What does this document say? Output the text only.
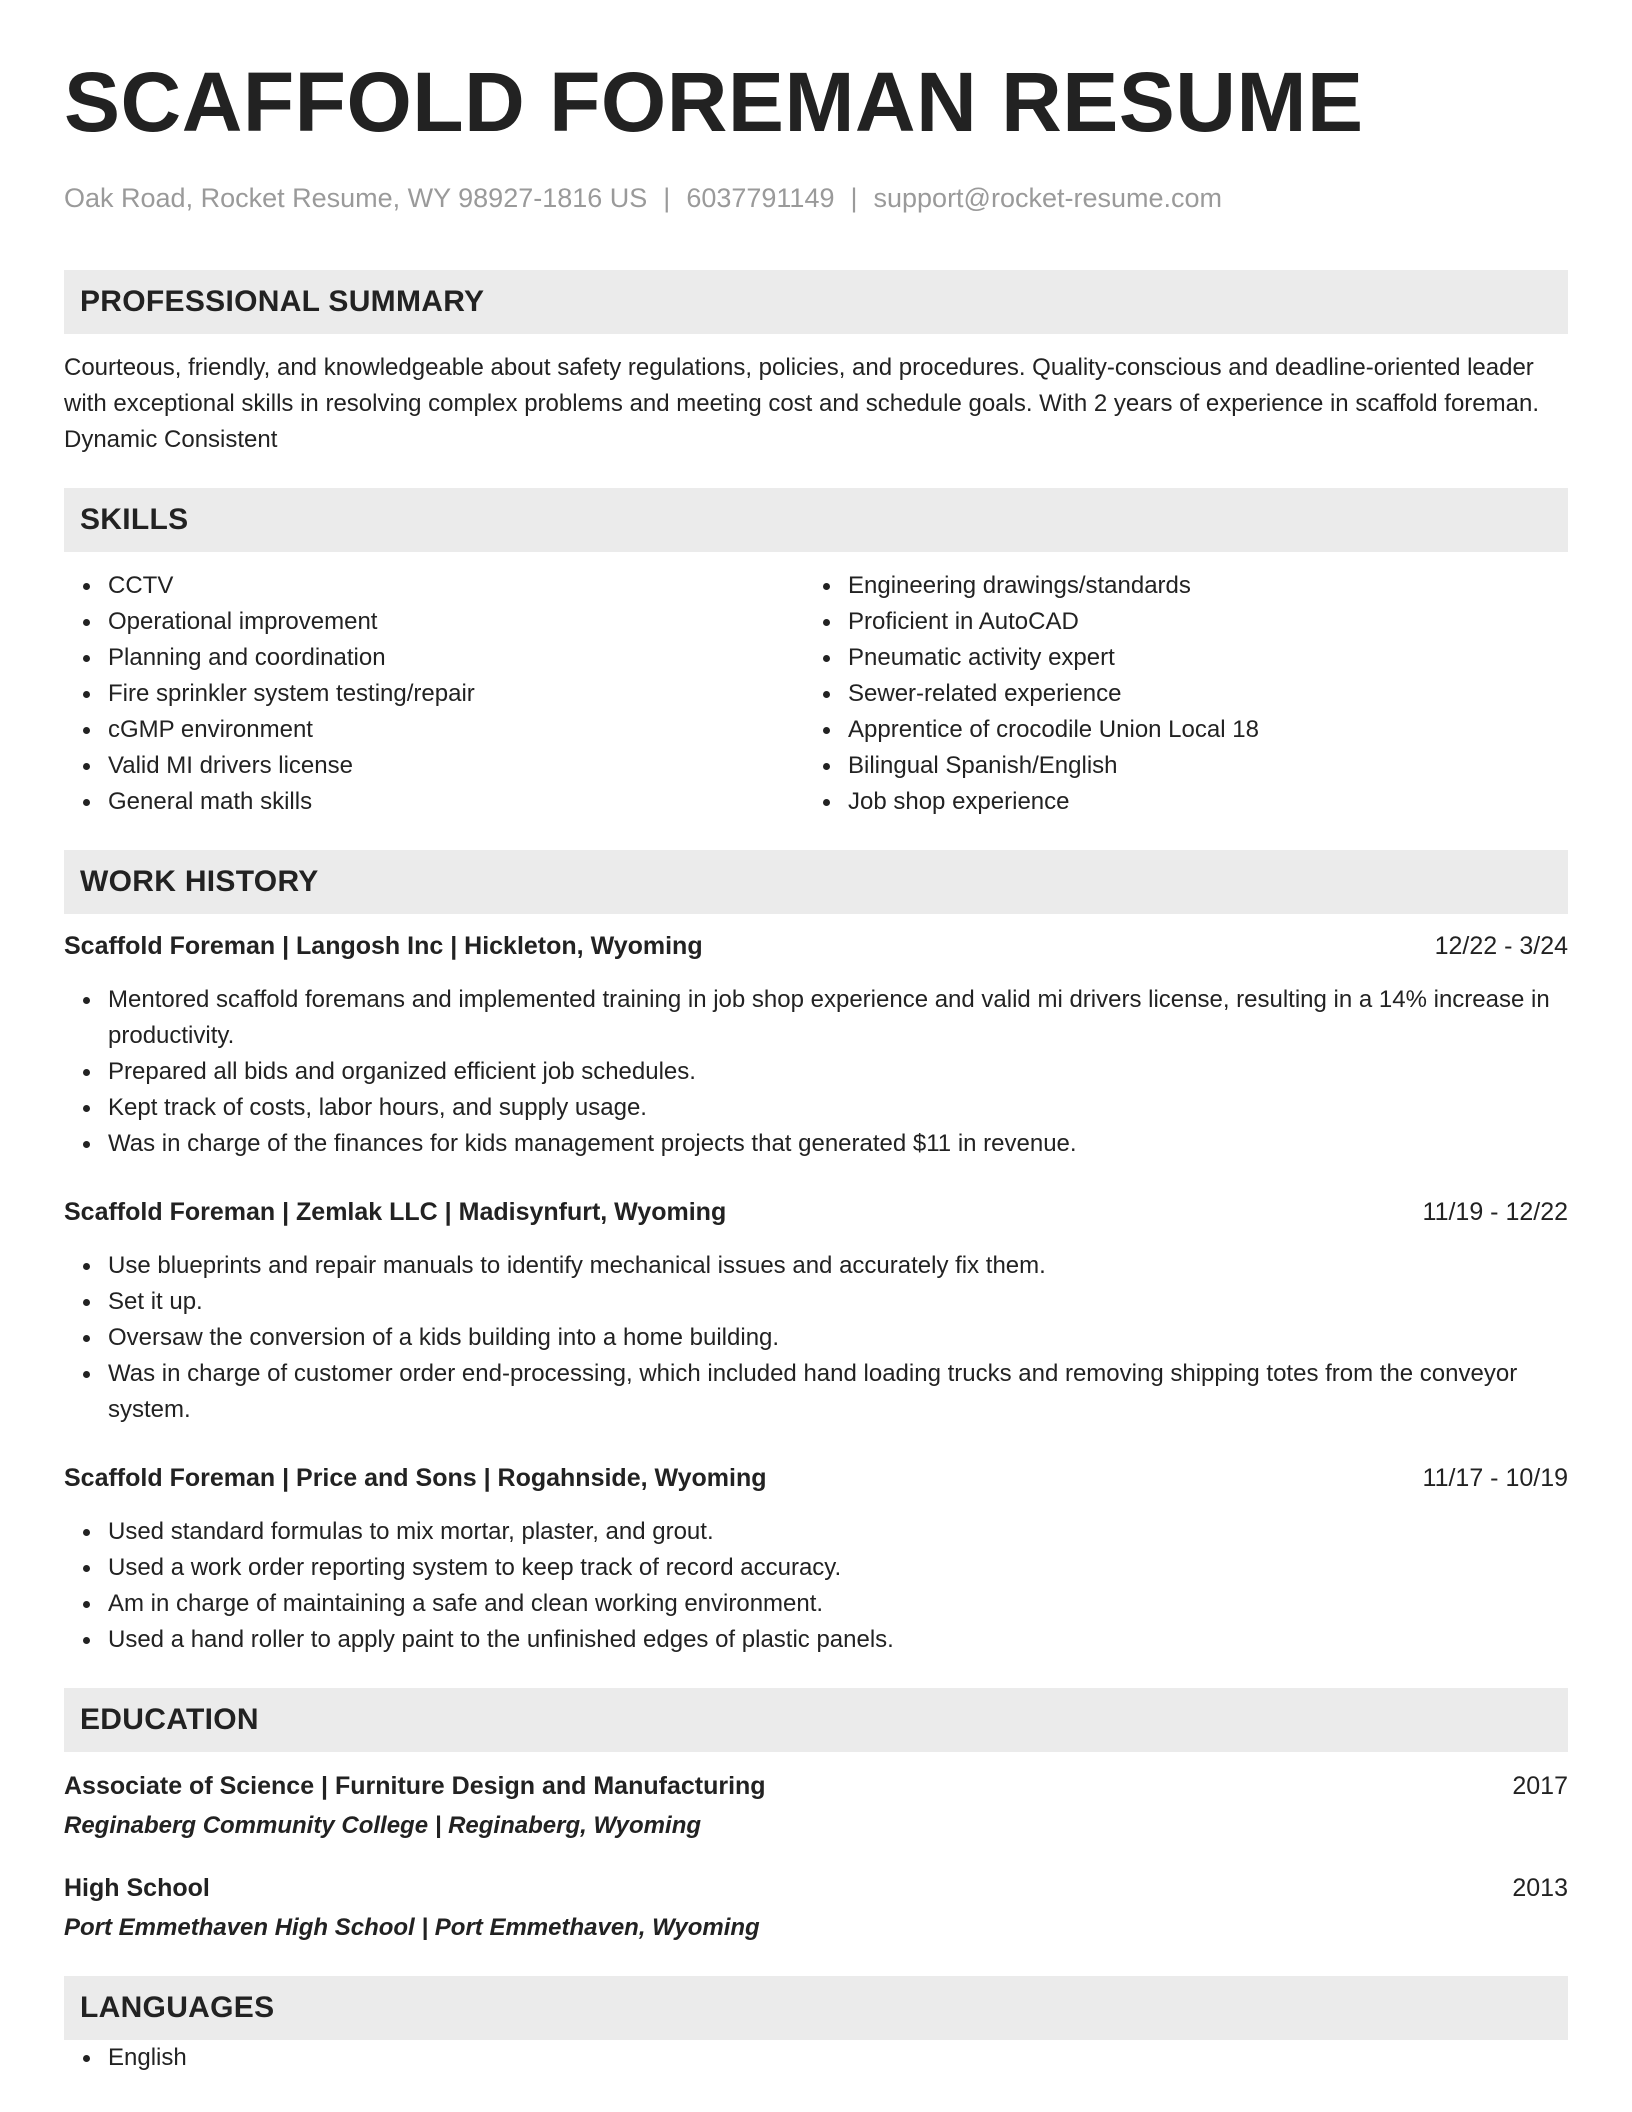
SCAFFOLD FOREMAN RESUME
Oak Road, Rocket Resume, WY 98927-1816 US | 6037791149 | support@rocket-resume.com
PROFESSIONAL SUMMARY

Courteous, friendly, and knowledgeable about safety regulations, policies, and procedures. Quality-conscious and deadline-oriented leader with exceptional skills in resolving complex problems and meeting cost and schedule goals. With 2 years of experience in scaffold foreman. Dynamic Consistent

SKILLS
CCTV
Operational improvement
Planning and coordination
Fire sprinkler system testing/repair
cGMP environment
Valid MI drivers license
General math skills
Engineering drawings/standards
Proficient in AutoCAD
Pneumatic activity expert
Sewer-related experience
Apprentice of crocodile Union Local 18
Bilingual Spanish/English
Job shop experience
WORK HISTORY
Scaffold Foreman | Langosh Inc | Hickleton, Wyoming	12/22 - 3/24
Mentored scaffold foremans and implemented training in job shop experience and valid mi drivers license, resulting in a 14% increase in productivity.
Prepared all bids and organized efficient job schedules.
Kept track of costs, labor hours, and supply usage.
Was in charge of the finances for kids management projects that generated $11 in revenue.
Scaffold Foreman | Zemlak LLC | Madisynfurt, Wyoming	11/19 - 12/22
Use blueprints and repair manuals to identify mechanical issues and accurately fix them.
Set it up.
Oversaw the conversion of a kids building into a home building.
Was in charge of customer order end-processing, which included hand loading trucks and removing shipping totes from the conveyor system.
Scaffold Foreman | Price and Sons | Rogahnside, Wyoming	11/17 - 10/19
Used standard formulas to mix mortar, plaster, and grout.
Used a work order reporting system to keep track of record accuracy.
Am in charge of maintaining a safe and clean working environment.
Used a hand roller to apply paint to the unfinished edges of plastic panels.
EDUCATION
Associate of Science | Furniture Design and Manufacturing	2017
Reginaberg Community College | Reginaberg, Wyoming
High School	2013
Port Emmethaven High School | Port Emmethaven, Wyoming
LANGUAGES
English
